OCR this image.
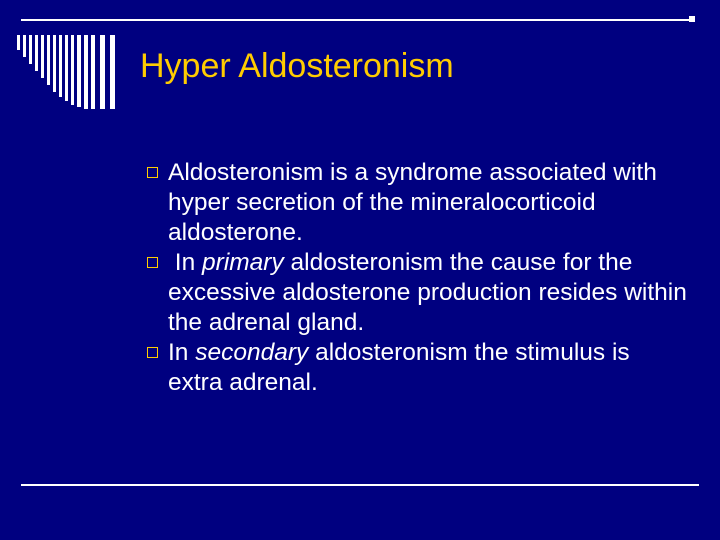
Hyper Aldosteronism
Aldosteronism is a syndrome associated with hyper secretion of the mineralocorticoid aldosterone.
In primary aldosteronism the cause for the excessive aldosterone production resides within the adrenal gland.
In secondary aldosteronism the stimulus is extra adrenal.
